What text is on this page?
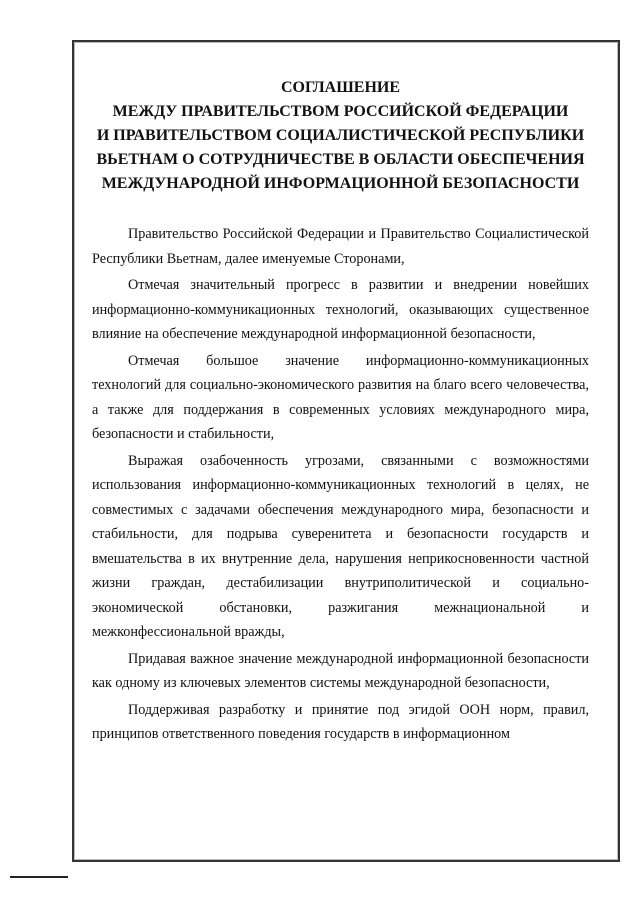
СОГЛАШЕНИЕ
МЕЖДУ ПРАВИТЕЛЬСТВОМ РОССИЙСКОЙ ФЕДЕРАЦИИ
И ПРАВИТЕЛЬСТВОМ СОЦИАЛИСТИЧЕСКОЙ РЕСПУБЛИКИ
ВЬЕТНАМ О СОТРУДНИЧЕСТВЕ В ОБЛАСТИ ОБЕСПЕЧЕНИЯ
МЕЖДУНАРОДНОЙ ИНФОРМАЦИОННОЙ БЕЗОПАСНОСТИ

Правительство Российской Федерации и Правительство Социалистической Республики Вьетнам, далее именуемые Сторонами,

Отмечая значительный прогресс в развитии и внедрении новейших информационно-коммуникационных технологий, оказывающих существенное влияние на обеспечение международной информационной безопасности,

Отмечая большое значение информационно-коммуникационных технологий для социально-экономического развития на благо всего человечества, а также для поддержания в современных условиях международного мира, безопасности и стабильности,

Выражая озабоченность угрозами, связанными с возможностями использования информационно-коммуникационных технологий в целях, не совместимых с задачами обеспечения международного мира, безопасности и стабильности, для подрыва суверенитета и безопасности государств и вмешательства в их внутренние дела, нарушения неприкосновенности частной жизни граждан, дестабилизации внутриполитической и социально-экономической обстановки, разжигания межнациональной и межконфессиональной вражды,

Придавая важное значение международной информационной безопасности как одному из ключевых элементов системы международной безопасности,

Поддерживая разработку и принятие под эгидой ООН норм, правил, принципов ответственного поведения государств в информационном
